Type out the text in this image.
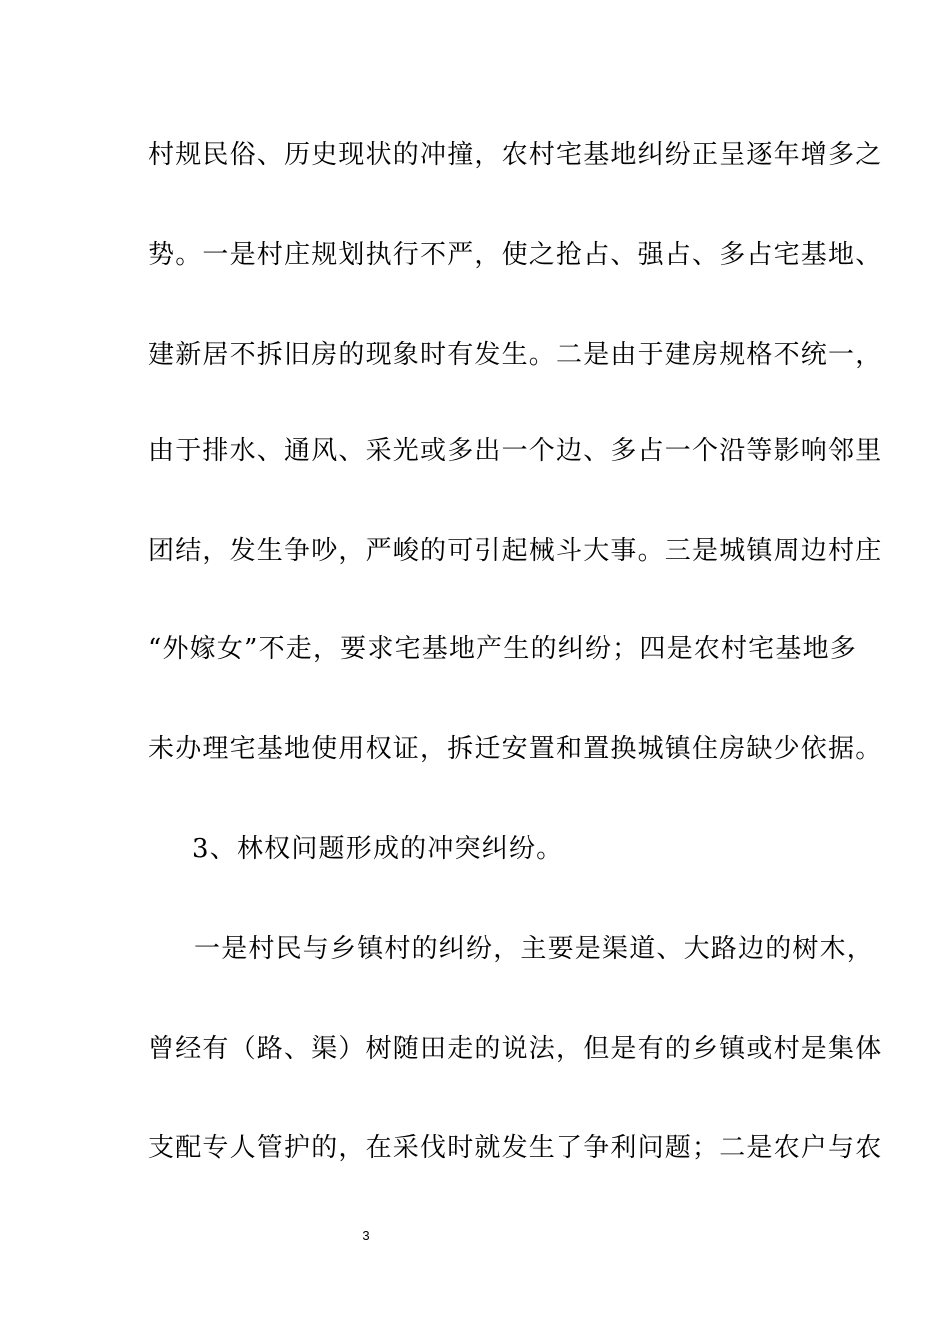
村规民俗、历史现状的冲撞，农村宅基地纠纷正呈逐年增多之
势。一是村庄规划执行不严，使之抢占、强占、多占宅基地、
建新居不拆旧房的现象时有发生。二是由于建房规格不统一，
由于排水、通风、采光或多出一个边、多占一个沿等影响邻里
团结，发生争吵，严峻的可引起械斗大事。三是城镇周边村庄
“外嫁女”不走，要求宅基地产生的纠纷；四是农村宅基地多
未办理宅基地使用权证，拆迁安置和置换城镇住房缺少依据。
3、林权问题形成的冲突纠纷。
一是村民与乡镇村的纠纷，主要是渠道、大路边的树木，
曾经有（路、渠）树随田走的说法，但是有的乡镇或村是集体
支配专人管护的，在采伐时就发生了争利问题；二是农户与农
3
